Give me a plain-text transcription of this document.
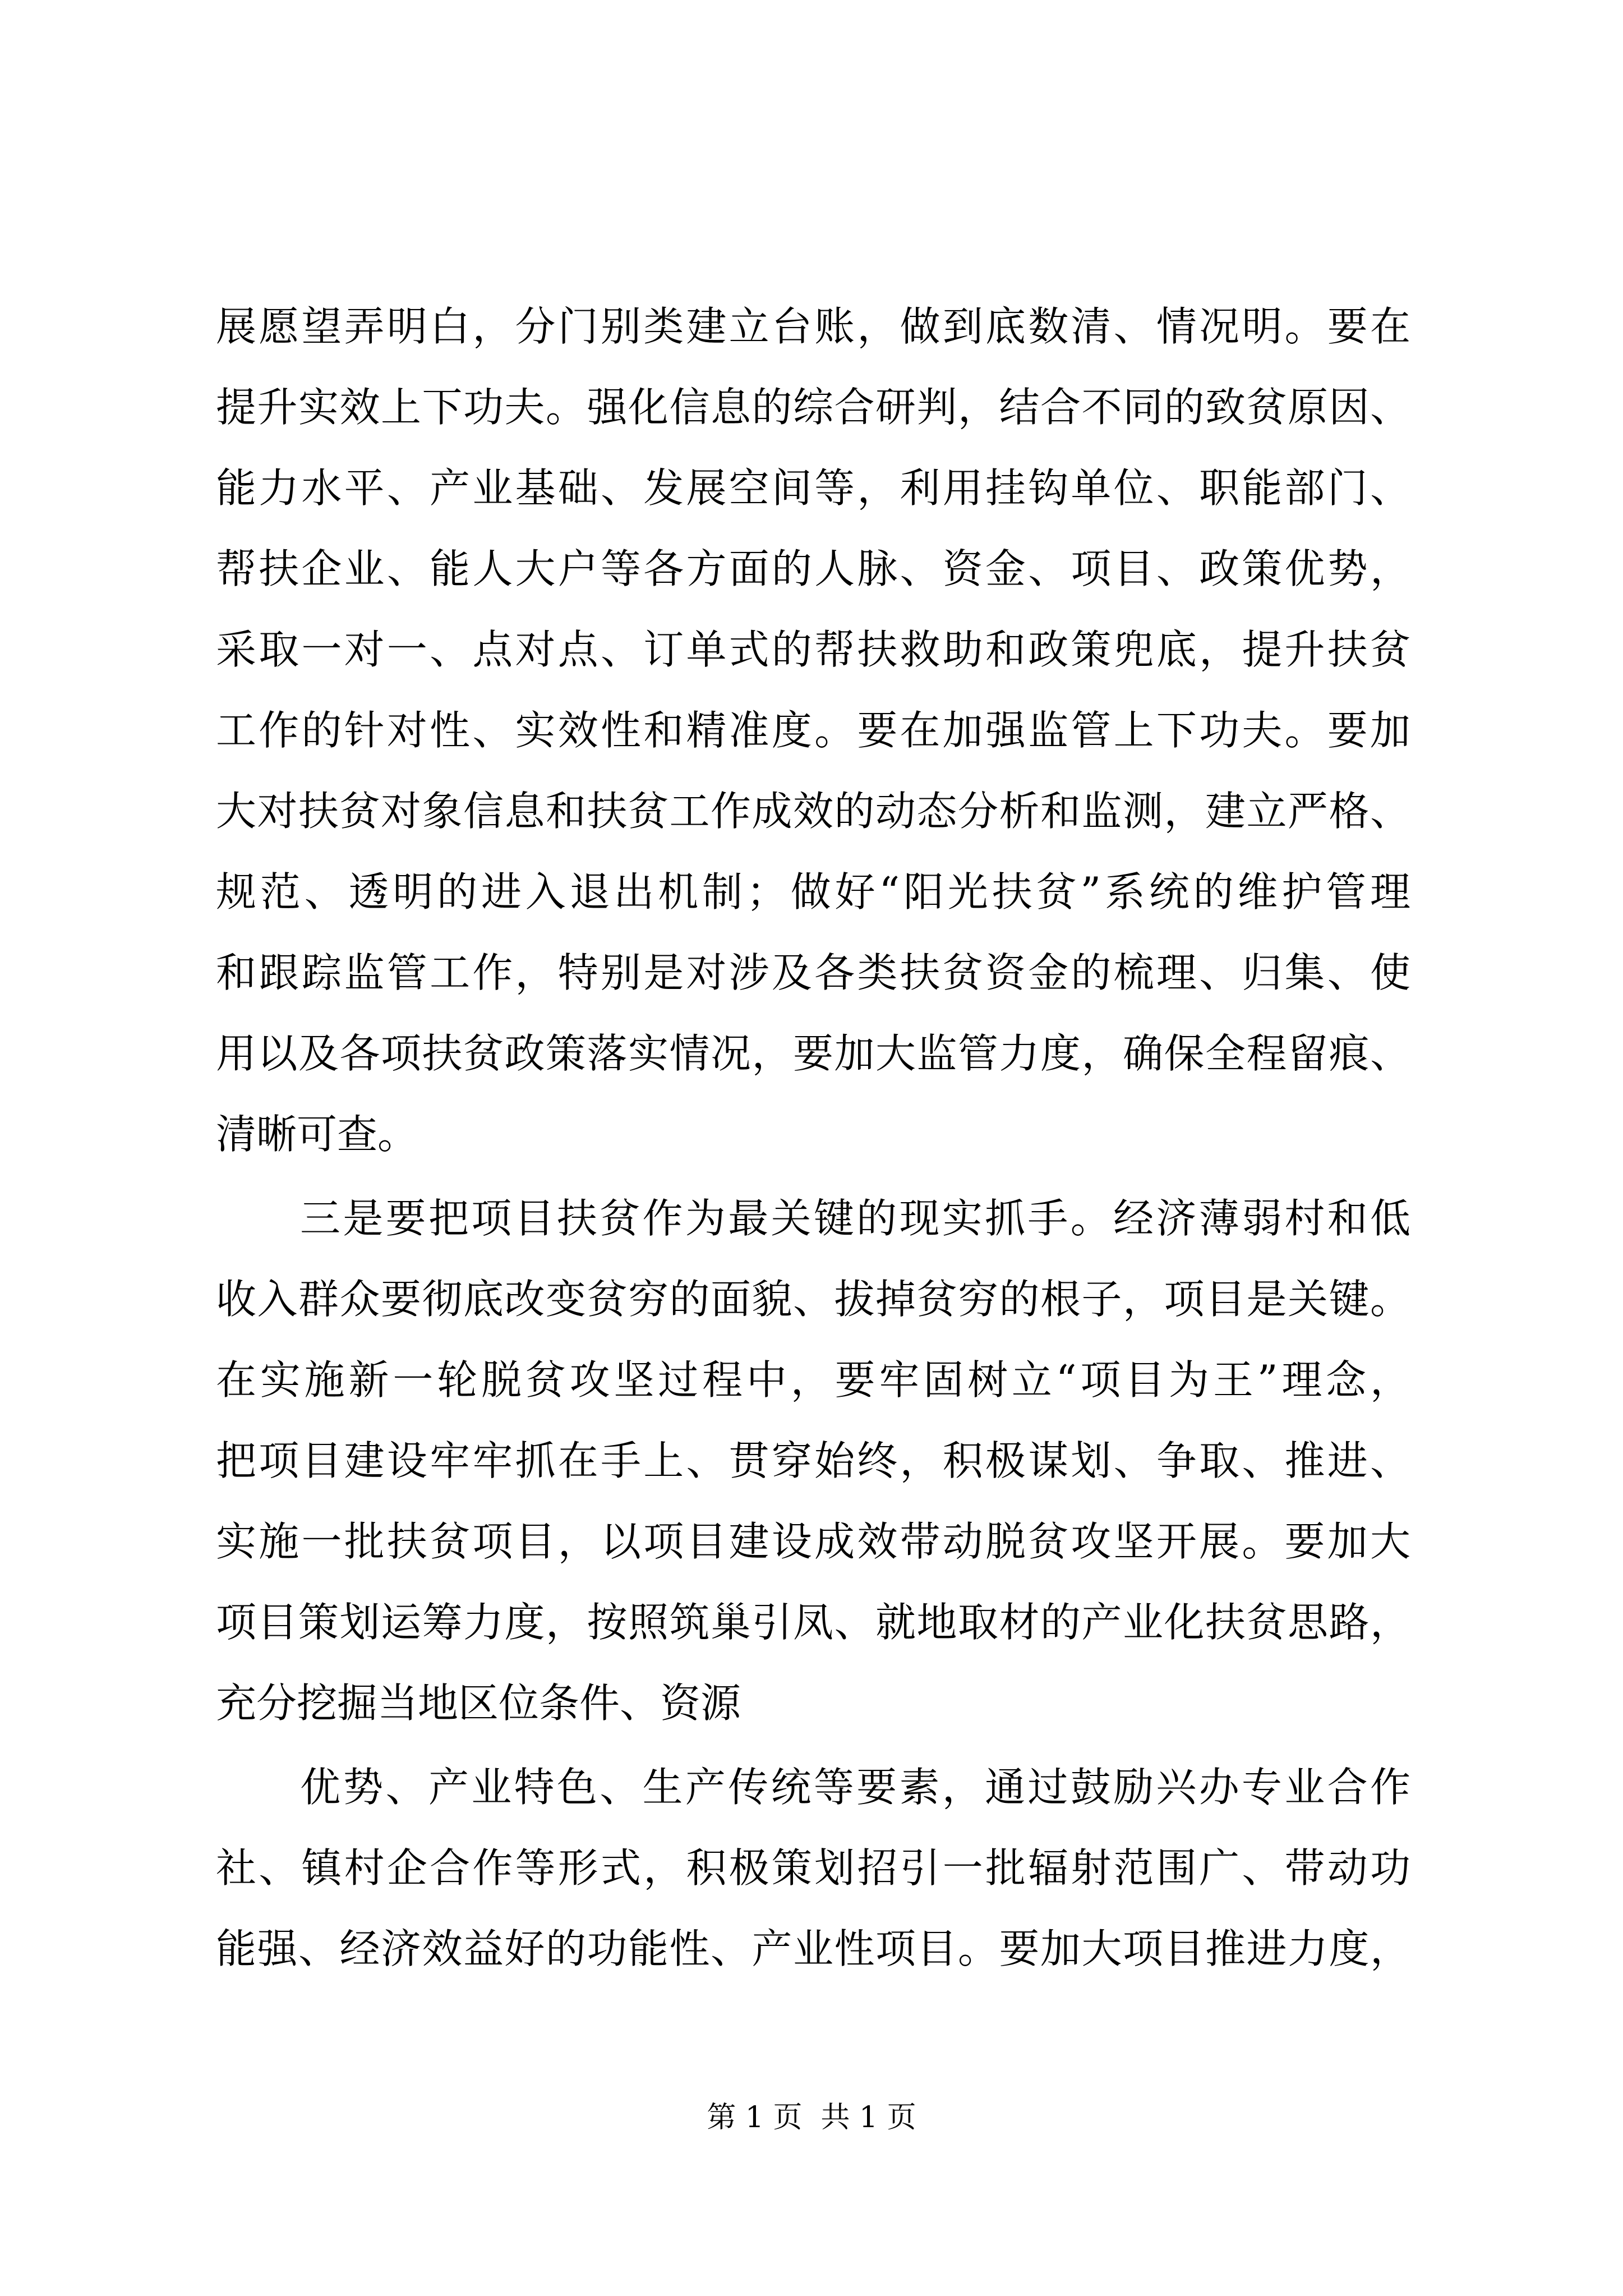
展愿望弄明白，分门别类建立台账，做到底数清、情况明。要在
提升实效上下功夫。强化信息的综合研判，结合不同的致贫原因、
能力水平、产业基础、发展空间等，利用挂钩单位、职能部门、
帮扶企业、能人大户等各方面的人脉、资金、项目、政策优势，
采取一对一、点对点、订单式的帮扶救助和政策兜底，提升扶贫
工作的针对性、实效性和精准度。要在加强监管上下功夫。要加
大对扶贫对象信息和扶贫工作成效的动态分析和监测，建立严格、
规范、透明的进入退出机制；做好“阳光扶贫”系统的维护管理
和跟踪监管工作，特别是对涉及各类扶贫资金的梳理、归集、使
用以及各项扶贫政策落实情况，要加大监管力度，确保全程留痕、
清晰可查。
三是要把项目扶贫作为最关键的现实抓手。经济薄弱村和低
收入群众要彻底改变贫穷的面貌、拔掉贫穷的根子，项目是关键。
在实施新一轮脱贫攻坚过程中，要牢固树立“项目为王”理念，
把项目建设牢牢抓在手上、贯穿始终，积极谋划、争取、推进、
实施一批扶贫项目，以项目建设成效带动脱贫攻坚开展。要加大
项目策划运筹力度，按照筑巢引凤、就地取材的产业化扶贫思路，
充分挖掘当地区位条件、资源
优势、产业特色、生产传统等要素，通过鼓励兴办专业合作
社、镇村企合作等形式，积极策划招引一批辐射范围广、带动功
能强、经济效益好的功能性、产业性项目。要加大项目推进力度，
第 1 页  共 1 页
